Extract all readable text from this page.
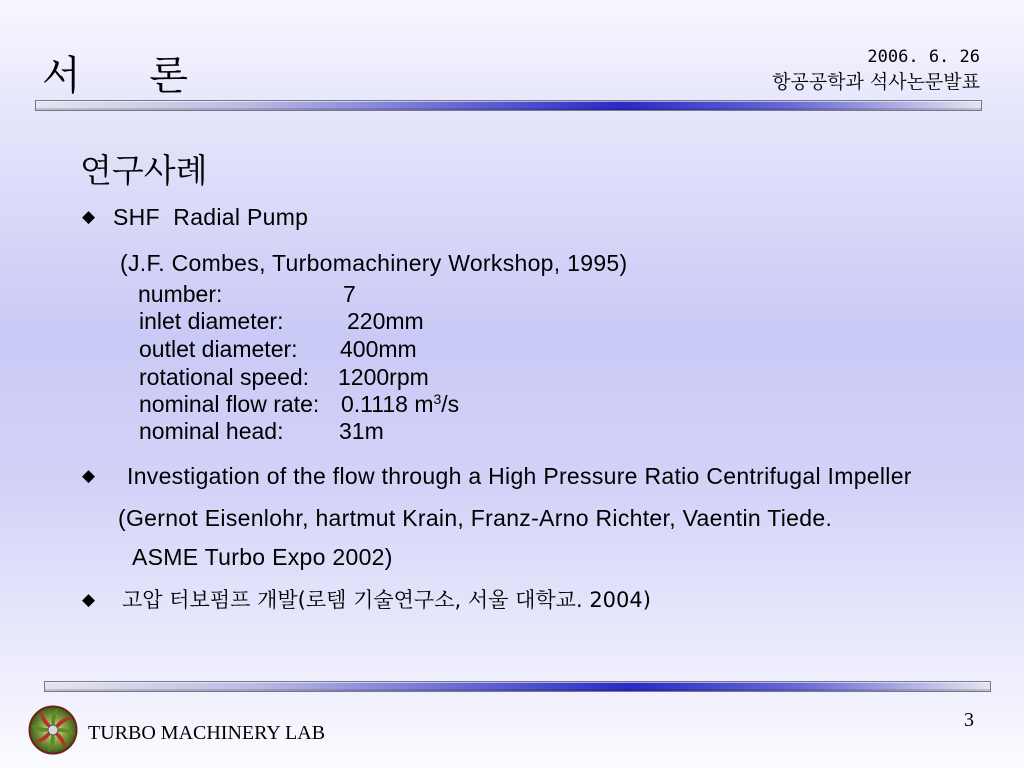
서 론	2006. 6. 26
항공공학과 석사논문발표
연구사례
◆ SHF  Radial Pump
(J.F. Combes, Turbomachinery Workshop, 1995)
number:	7
inlet diameter:	220mm
outlet diameter: 400mm
rotational speed: 1200rpm
nominal flow rate: 0.1118 $m^3/s$
nominal head: 31m
◆ Investigation of the flow through a High Pressure Ratio Centrifugal Impeller
(Gernot Eisenlohr, hartmut Krain, Franz-Arno Richter, Vaentin Tiede.
ASME Turbo Expo 2002)
◆ 고압 터보펌프 개발(로템 기술연구소, 서울 대학교. 2004)
TURBO MACHINERY LAB
3
